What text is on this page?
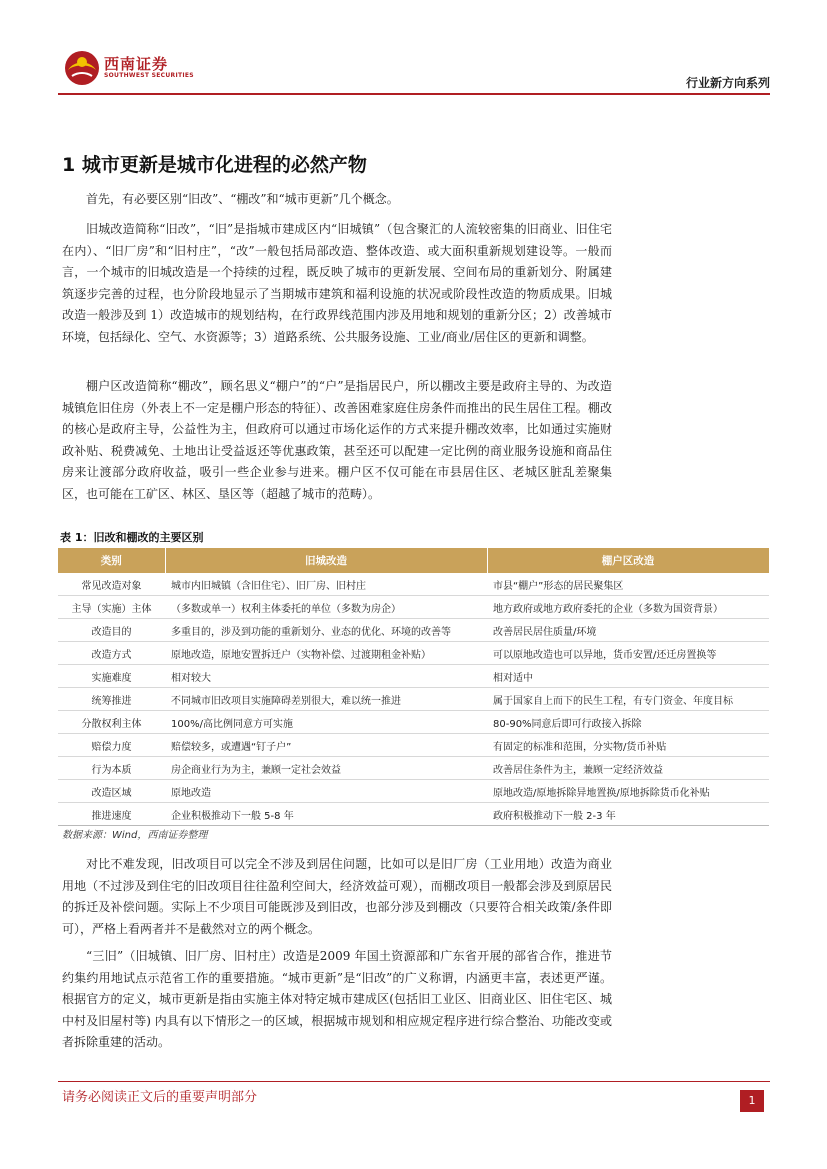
西南证券
SOUTHWEST SECURITIES
行业新方向系列
1 城市更新是城市化进程的必然产物

首先，有必要区别“旧改”、“棚改”和“城市更新”几个概念。

旧城改造简称“旧改”，“旧”是指城市建成区内“旧城镇”（包含聚汇的人流较密集的旧商业、旧住宅在内）、“旧厂房”和“旧村庄”，“改”一般包括局部改造、整体改造、或大面积重新规划建设等。一般而言，一个城市的旧城改造是一个持续的过程，既反映了城市的更新发展、空间布局的重新划分、附属建筑逐步完善的过程，也分阶段地显示了当期城市建筑和福利设施的状况或阶段性改造的物质成果。旧城改造一般涉及到 1）改造城市的规划结构，在行政界线范围内涉及用地和规划的重新分区；2）改善城市环境，包括绿化、空气、水资源等；3）道路系统、公共服务设施、工业/商业/居住区的更新和调整。

棚户区改造简称“棚改”，顾名思义“棚户”的“户”是指居民户，所以棚改主要是政府主导的、为改造城镇危旧住房（外表上不一定是棚户形态的特征）、改善困难家庭住房条件而推出的民生居住工程。棚改的核心是政府主导，公益性为主，但政府可以通过市场化运作的方式来提升棚改效率，比如通过实施财政补贴、税费减免、土地出让受益返还等优惠政策，甚至还可以配建一定比例的商业服务设施和商品住房来让渡部分政府收益，吸引一些企业参与进来。棚户区不仅可能在市县居住区、老城区脏乱差聚集区，也可能在工矿区、林区、垦区等（超越了城市的范畴）。

表 1：旧改和棚改的主要区别
类别	旧城改造	棚户区改造
常见改造对象	城市内旧城镇（含旧住宅）、旧厂房、旧村庄	市县“棚户”形态的居民聚集区
主导（实施）主体	（多数或单一）权利主体委托的单位（多数为房企）	地方政府或地方政府委托的企业（多数为国资背景）
改造目的	多重目的，涉及到功能的重新划分、业态的优化、环境的改善等	改善居民居住质量/环境
改造方式	原地改造，原地安置拆迁户（实物补偿、过渡期租金补贴）	可以原地改造也可以异地，货币安置/还迁房置换等
实施难度	相对较大	相对适中
统筹推进	不同城市旧改项目实施障碍差别很大，难以统一推进	属于国家自上而下的民生工程，有专门资金、年度目标
分散权利主体	100%/高比例同意方可实施	80-90%同意后即可行政接入拆除
赔偿力度	赔偿较多，或遭遇“钉子户”	有固定的标准和范围，分实物/货币补贴
行为本质	房企商业行为为主，兼顾一定社会效益	改善居住条件为主，兼顾一定经济效益
改造区域	原地改造	原地改造/原地拆除异地置换/原地拆除货币化补贴
推进速度	企业积极推动下一般 5-8 年	政府积极推动下一般 2-3 年
数据来源：Wind，西南证券整理

对比不难发现，旧改项目可以完全不涉及到居住问题，比如可以是旧厂房（工业用地）改造为商业用地（不过涉及到住宅的旧改项目往往盈利空间大，经济效益可观），而棚改项目一般都会涉及到原居民的拆迁及补偿问题。实际上不少项目可能既涉及到旧改，也部分涉及到棚改（只要符合相关政策/条件即可），严格上看两者并不是截然对立的两个概念。

“三旧”（旧城镇、旧厂房、旧村庄）改造是2009 年国土资源部和广东省开展的部省合作，推进节约集约用地试点示范省工作的重要措施。“城市更新”是“旧改”的广义称谓，内涵更丰富，表述更严谨。根据官方的定义，城市更新是指由实施主体对特定城市建成区(包括旧工业区、旧商业区、旧住宅区、城中村及旧屋村等) 内具有以下情形之一的区域，根据城市规划和相应规定程序进行综合整治、功能改变或者拆除重建的活动。

请务必阅读正文后的重要声明部分	1
